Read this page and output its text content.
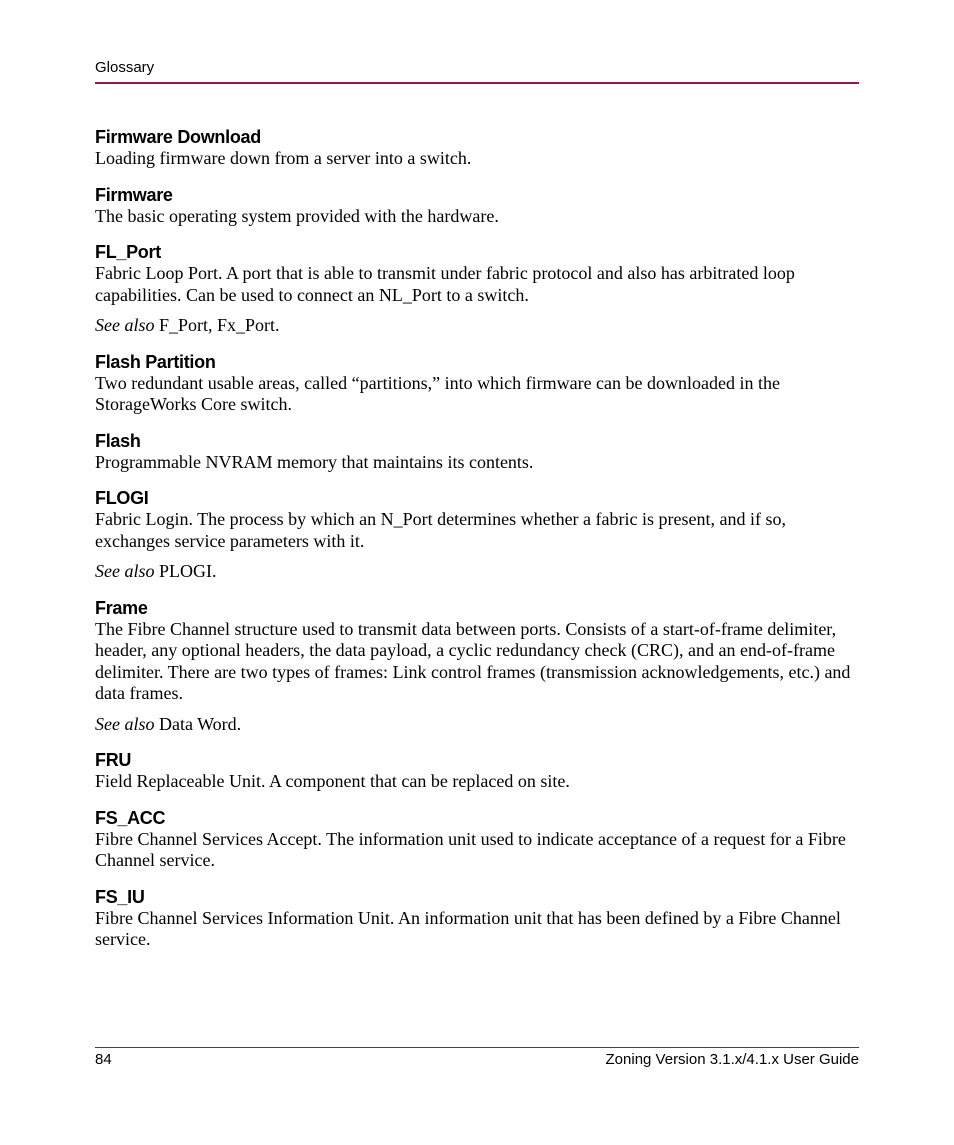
Glossary
Firmware Download
Loading firmware down from a server into a switch.
Firmware
The basic operating system provided with the hardware.
FL_Port
Fabric Loop Port. A port that is able to transmit under fabric protocol and also has arbitrated loop capabilities. Can be used to connect an NL_Port to a switch.
See also F_Port, Fx_Port.
Flash Partition
Two redundant usable areas, called “partitions,” into which firmware can be downloaded in the StorageWorks Core switch.
Flash
Programmable NVRAM memory that maintains its contents.
FLOGI
Fabric Login. The process by which an N_Port determines whether a fabric is present, and if so, exchanges service parameters with it.
See also PLOGI.
Frame
The Fibre Channel structure used to transmit data between ports. Consists of a start-of-frame delimiter, header, any optional headers, the data payload, a cyclic redundancy check (CRC), and an end-of-frame delimiter. There are two types of frames: Link control frames (transmission acknowledgements, etc.) and data frames.
See also Data Word.
FRU
Field Replaceable Unit. A component that can be replaced on site.
FS_ACC
Fibre Channel Services Accept. The information unit used to indicate acceptance of a request for a Fibre Channel service.
FS_IU
Fibre Channel Services Information Unit. An information unit that has been defined by a Fibre Channel service.
84	Zoning Version 3.1.x/4.1.x User Guide
